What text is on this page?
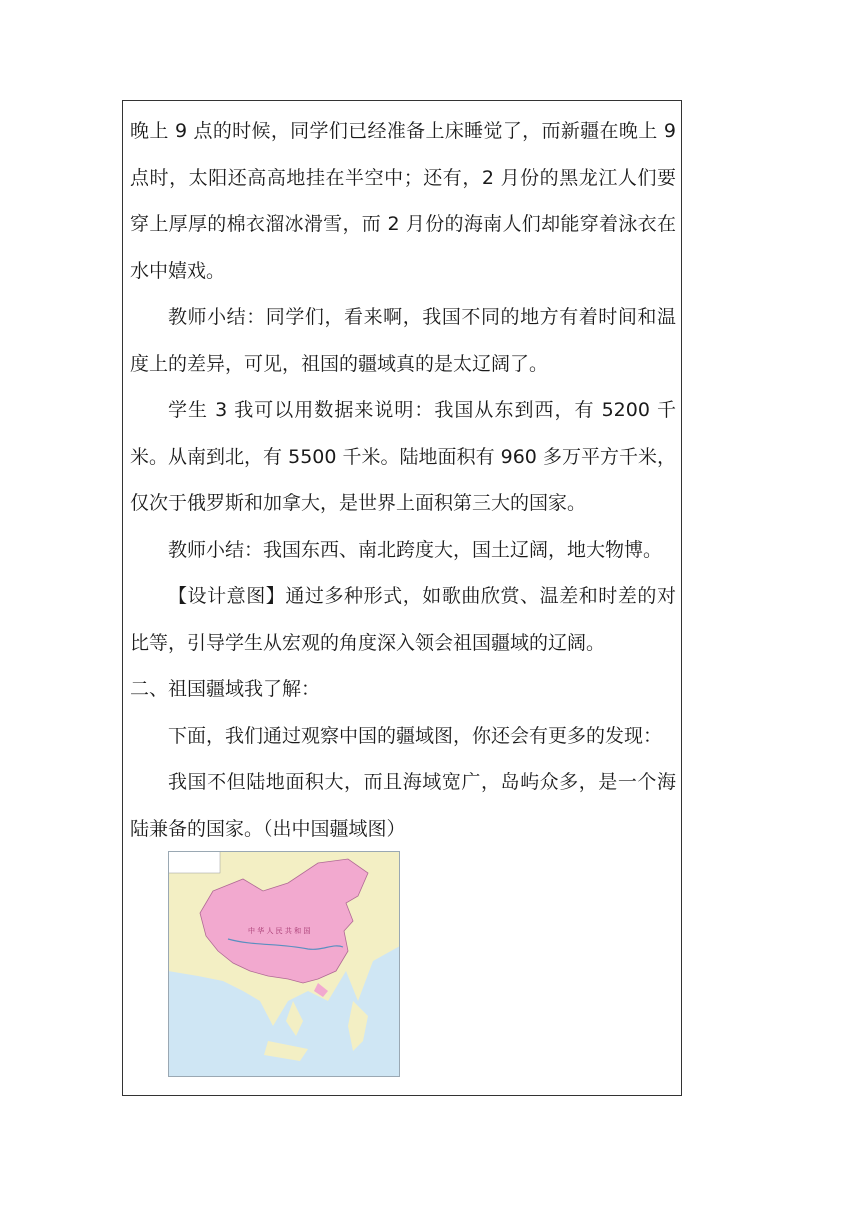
晚上 9 点的时候，同学们已经准备上床睡觉了，而新疆在晚上 9 点时，太阳还高高地挂在半空中；还有，2 月份的黑龙江人们要穿上厚厚的棉衣溜冰滑雪，而 2 月份的海南人们却能穿着泳衣在水中嬉戏。

教师小结：同学们，看来啊，我国不同的地方有着时间和温度上的差异，可见，祖国的疆域真的是太辽阔了。

学生 3 我可以用数据来说明：我国从东到西，有 5200 千米。从南到北，有 5500 千米。陆地面积有 960 多万平方千米，仅次于俄罗斯和加拿大，是世界上面积第三大的国家。

教师小结：我国东西、南北跨度大，国土辽阔，地大物博。

【设计意图】通过多种形式，如歌曲欣赏、温差和时差的对比等，引导学生从宏观的角度深入领会祖国疆域的辽阔。

二、祖国疆域我了解：

下面，我们通过观察中国的疆域图，你还会有更多的发现：

我国不但陆地面积大，而且海域宽广，岛屿众多，是一个海陆兼备的国家。（出中国疆域图）

中 华 人 民 共 和 国
